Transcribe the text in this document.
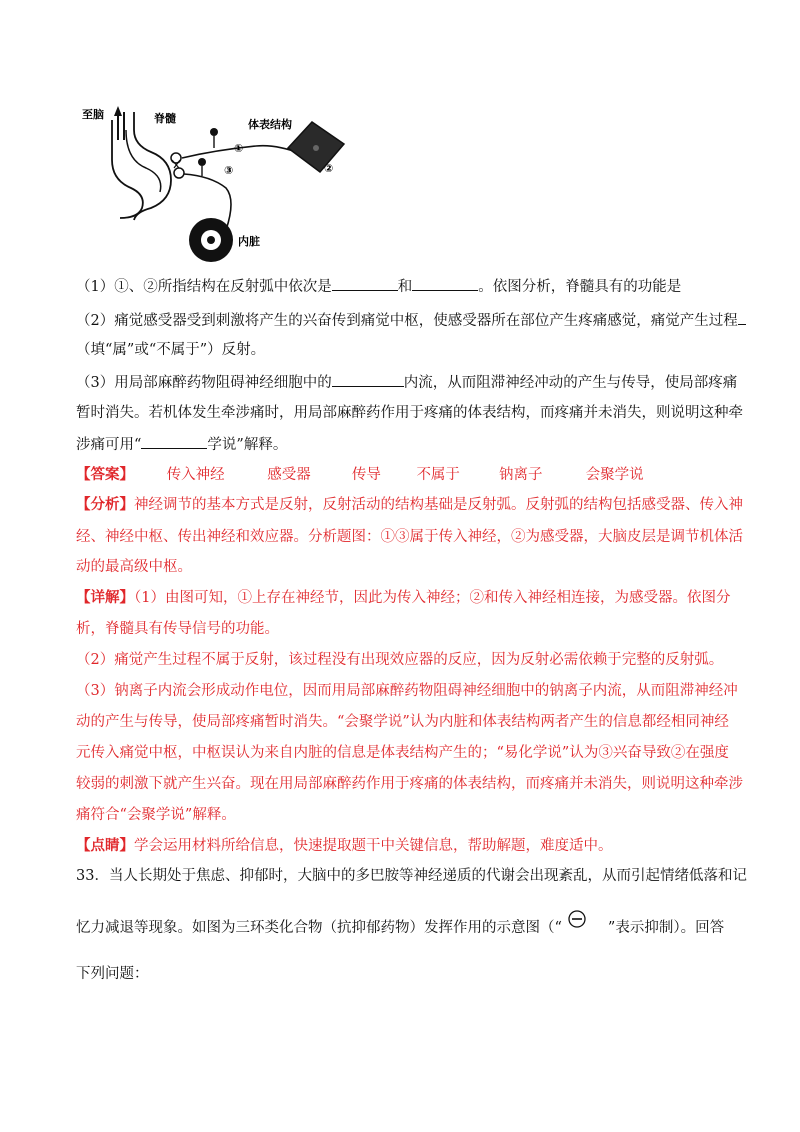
至脑	脊髓	体表结构
①
③	②
内脏
（1）①、②所指结构在反射弧中依次是	和	。依图分析，脊髓具有的功能是
（2）痛觉感受器受到刺激将产生的兴奋传到痛觉中枢，使感受器所在部位产生疼痛感觉，痛觉产生过程
（填“属”或“不属于”）反射。
（3）用局部麻醉药物阻碍神经细胞中的	内流，从而阻滞神经冲动的产生与传导，使局部疼痛
暂时消失。若机体发生牵涉痛时，用局部麻醉药作用于疼痛的体表结构，而疼痛并未消失，则说明这种牵
涉痛可用“	学说”解释。
【答案】 传入神经	感受器	传导 不属于	钠离子	会聚学说
【分析】神经调节的基本方式是反射，反射活动的结构基础是反射弧。反射弧的结构包括感受器、传入神
经、神经中枢、传出神经和效应器。分析题图：①③属于传入神经，②为感受器，大脑皮层是调节机体活
动的最高级中枢。
【详解】（1）由图可知，①上存在神经节，因此为传入神经；②和传入神经相连接，为感受器。依图分
析，脊髓具有传导信号的功能。
（2）痛觉产生过程不属于反射，该过程没有出现效应器的反应，因为反射必需依赖于完整的反射弧。
（3）钠离子内流会形成动作电位，因而用局部麻醉药物阻碍神经细胞中的钠离子内流，从而阻滞神经冲
动的产生与传导，使局部疼痛暂时消失。“会聚学说”认为内脏和体表结构两者产生的信息都经相同神经
元传入痛觉中枢，中枢误认为来自内脏的信息是体表结构产生的；“易化学说”认为③兴奋导致②在强度
较弱的刺激下就产生兴奋。现在用局部麻醉药作用于疼痛的体表结构，而疼痛并未消失，则说明这种牵涉
痛符合“会聚学说”解释。
【点睛】学会运用材料所给信息，快速提取题干中关键信息，帮助解题，难度适中。
33．当人长期处于焦虑、抑郁时，大脑中的多巴胺等神经递质的代谢会出现紊乱，从而引起情绪低落和记
忆力减退等现象。如图为三环类化合物（抗抑郁药物）发挥作用的示意图（“	”表示抑制）。回答
下列问题：
